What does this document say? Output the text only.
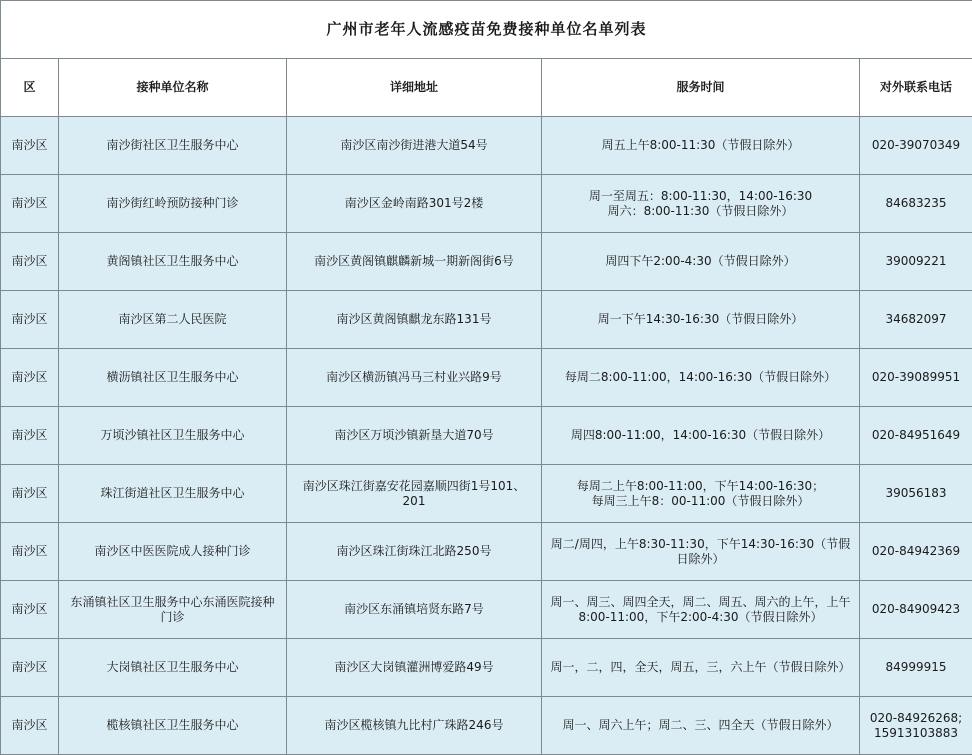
广州市老年人流感疫苗免费接种单位名单列表				
区	接种单位名称	详细地址	服务时间	对外联系电话
南沙区	南沙街社区卫生服务中心	南沙区南沙街进港大道54号	周五上午8:00-11:30（节假日除外）	020-39070349

南沙区	南沙街红岭预防接种门诊	南沙区金岭南路301号2楼	周一至周五：8:00-11:30，14:00-16:30
周六：8:00-11:30（节假日除外）	84683235

南沙区	黄阁镇社区卫生服务中心	南沙区黄阁镇麒麟新城一期新阁街6号	周四下午2:00-4:30（节假日除外）	39009221

南沙区	南沙区第二人民医院	南沙区黄阁镇麒龙东路131号	周一下午14:30-16:30（节假日除外）	34682097

南沙区	横沥镇社区卫生服务中心	南沙区横沥镇冯马三村业兴路9号	每周二8:00-11:00，14:00-16:30（节假日除外）	020-39089951

南沙区	万顷沙镇社区卫生服务中心	南沙区万顷沙镇新垦大道70号	周四8:00-11:00，14:00-16:30（节假日除外）	020-84951649

南沙区	珠江街道社区卫生服务中心	南沙区珠江街嘉安花园嘉顺四街1号101、201	每周二上午8:00-11:00，下午14:00-16:30；
每周三上午8：00-11:00（节假日除外）	39056183

南沙区	南沙区中医医院成人接种门诊	南沙区珠江街珠江北路250号	周二/周四，上午8:30-11:30，下午14:30-16:30（节假日除外）	020-84942369

南沙区	东涌镇社区卫生服务中心东涌医院接种门诊	南沙区东涌镇培贤东路7号	周一、周三、周四全天，周二、周五、周六的上午，上午8:00-11:00，下午2:00-4:30（节假日除外）	020-84909423

南沙区	大岗镇社区卫生服务中心	南沙区大岗镇灌洲博爱路49号	周一，二，四，全天，周五，三，六上午（节假日除外）	84999915

南沙区	榄核镇社区卫生服务中心	南沙区榄核镇九比村广珠路246号	周一、周六上午；周二、三、四全天（节假日除外）	020-84926268;
15913103883
